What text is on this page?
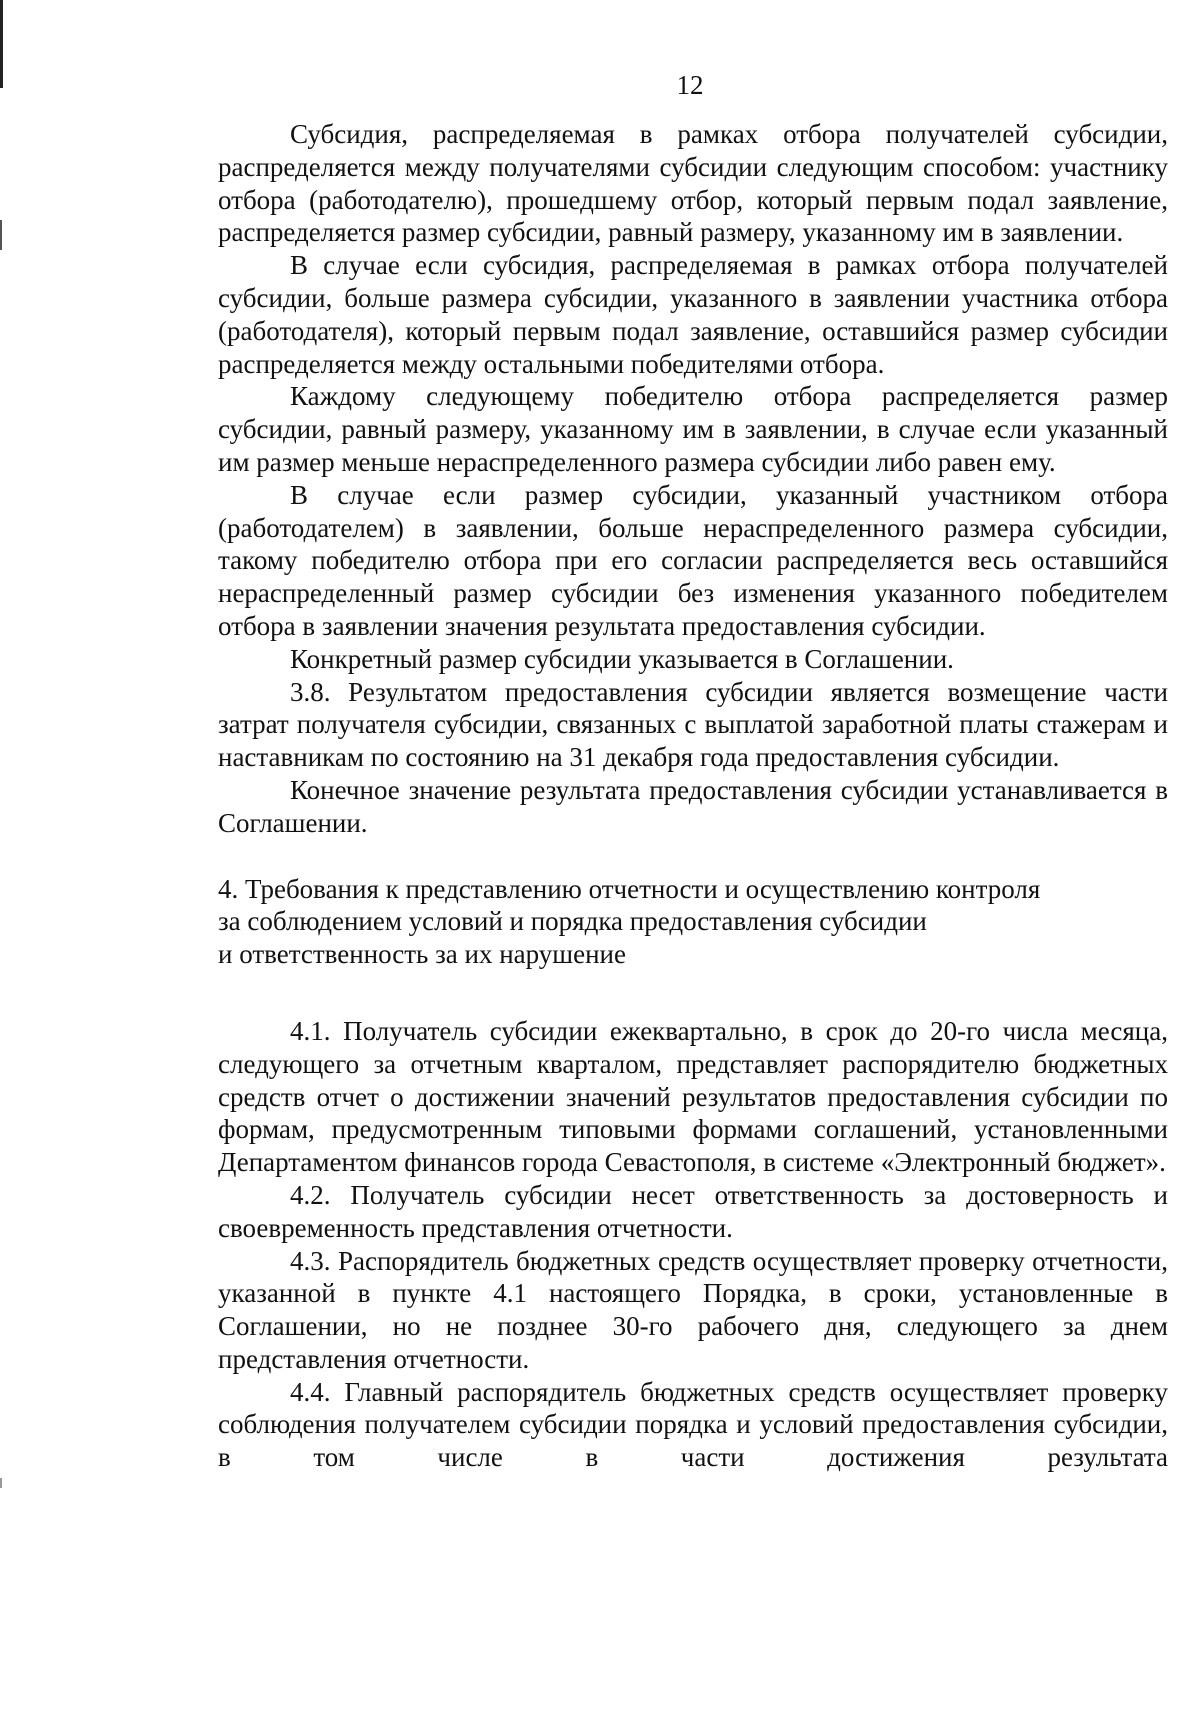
12

Субсидия, распределяемая в рамках отбора получателей субсидии, распределяется между получателями субсидии следующим способом: участнику отбора (работодателю), прошедшему отбор, который первым подал заявление, распределяется размер субсидии, равный размеру, указанному им в заявлении.

В случае если субсидия, распределяемая в рамках отбора получателей субсидии, больше размера субсидии, указанного в заявлении участника отбора (работодателя), который первым подал заявление, оставшийся размер субсидии распределяется между остальными победителями отбора.

Каждому следующему победителю отбора распределяется размер субсидии, равный размеру, указанному им в заявлении, в случае если указанный им размер меньше нераспределенного размера субсидии либо равен ему.

В случае если размер субсидии, указанный участником отбора (работодателем) в заявлении, больше нераспределенного размера субсидии, такому победителю отбора при его согласии распределяется весь оставшийся нераспределенный размер субсидии без изменения указанного победителем отбора в заявлении значения результата предоставления субсидии.

Конкретный размер субсидии указывается в Соглашении.

3.8. Результатом предоставления субсидии является возмещение части затрат получателя субсидии, связанных с выплатой заработной платы стажерам и наставникам по состоянию на 31 декабря года предоставления субсидии.

Конечное значение результата предоставления субсидии устанавливается в Соглашении.

4. Требования к представлению отчетности и осуществлению контроля
за соблюдением условий и порядка предоставления субсидии
и ответственность за их нарушение

4.1. Получатель субсидии ежеквартально, в срок до 20-го числа месяца, следующего за отчетным кварталом, представляет распорядителю бюджетных средств отчет о достижении значений результатов предоставления субсидии по формам, предусмотренным типовыми формами соглашений, установленными Департаментом финансов города Севастополя, в системе «Электронный бюджет».

4.2. Получатель субсидии несет ответственность за достоверность и своевременность представления отчетности.

4.3. Распорядитель бюджетных средств осуществляет проверку отчетности, указанной в пункте 4.1 настоящего Порядка, в сроки, установленные в Соглашении, но не позднее 30-го рабочего дня, следующего за днем представления отчетности.

4.4. Главный распорядитель бюджетных средств осуществляет проверку соблюдения получателем субсидии порядка и условий предоставления субсидии, в том числе в части достижения результата
